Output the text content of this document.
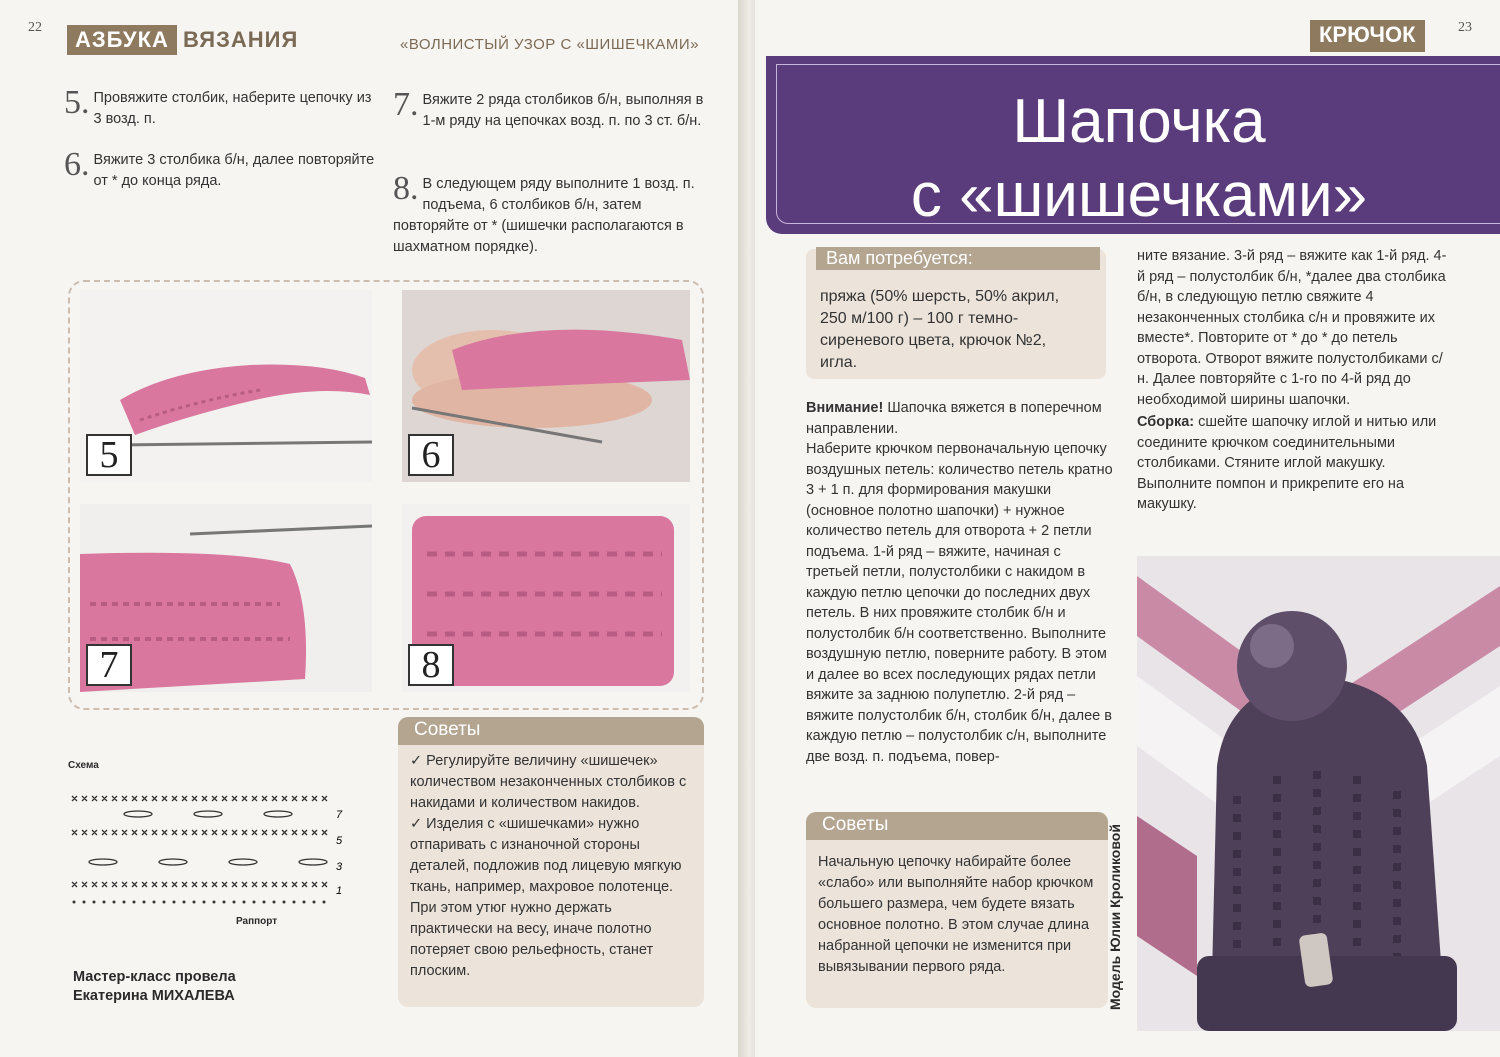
22	АЗБУКА ВЯЗАНИЯ	«ВОЛНИСТЫЙ УЗОР С «ШИШЕЧКАМИ»
5. Провяжите столбик, наберите цепочку из 3 возд. п.
6. Вяжите 3 столбика б/н, далее повторяйте от * до конца ряда.
7. Вяжите 2 ряда столбиков б/н, выполняя в 1-м ряду на цепочках возд. п. по 3 ст. б/н.
8. В следующем ряду выполните 1 возд. п. подъема, 6 столбиков б/н, затем повторяйте от * (шишечки располагаются в шахматном порядке).
5	6
7	8
Схема
7
5
3
1
Раппорт
Мастер-класс провела
Екатерина МИХАЛЕВА
Советы
✓ Регулируйте величину «шишечек» количеством незаконченных столбиков с накидами и количеством накидов.
✓ Изделия с «шишечками» нужно отпаривать с изнаночной стороны деталей, подложив под лицевую мягкую ткань, например, махровое полотенце. При этом утюг нужно держать практически на весу, иначе полотно потеряет свою рельефность, станет плоским.
23
КРЮЧОК
Шапочка
с «шишечками»
Вам потребуется:
пряжа (50% шерсть, 50% акрил, 250 м/100 г) – 100 г темно-сиреневого цвета, крючок №2, игла.

Внимание! Шапочка вяжется в поперечном направлении.

Наберите крючком первоначальную цепочку воздушных петель: количество петель кратно 3 + 1 п. для формирования макушки (основное полотно шапочки) + нужное количество петель для отворота + 2 петли подъема. 1-й ряд – вяжите, начиная с третьей петли, полустолбики с накидом в каждую петлю цепочки до последних двух петель. В них провяжите столбик б/н и полустолбик б/н соответственно. Выполните воздушную петлю, поверните работу. В этом и далее во всех последующих рядах петли вяжите за заднюю полупетлю. 2-й ряд – вяжите полустолбик б/н, столбик б/н, далее в каждую петлю – полустолбик с/н, выполните две возд. п. подъема, повер-

Советы
Начальную цепочку набирайте более «слабо» или выполняйте набор крючком большего размера, чем будете вязать основное полотно. В этом случае длина набранной цепочки не изменится при вывязывании первого ряда.

ните вязание. 3-й ряд – вяжите как 1-й ряд. 4-й ряд – полустолбик б/н, *далее два столбика б/н, в следующую петлю свяжите 4 незаконченных столбика с/н и провяжите их вместе*. Повторите от * до * до петель отворота. Отворот вяжите полустолбиками с/н. Далее повторяйте с 1-го по 4-й ряд до необходимой ширины шапочки.

Сборка: сшейте шапочку иглой и нитью или соедините крючком соединительными столбиками. Стяните иглой макушку. Выполните помпон и прикрепите его на макушку.

Модель Юлии Кроликовой
